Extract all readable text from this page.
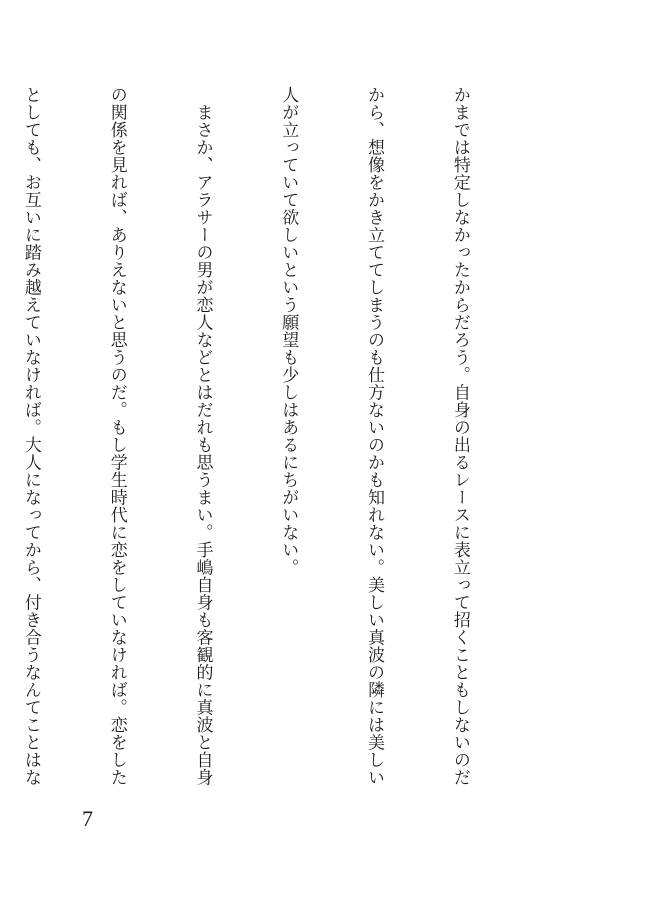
かまでは特定しなかったからだろう。自身の出るレースに表立って招くこともしないのだ

から、想像をかき立ててしまうのも仕方ないのかも知れない。美しい真波の隣には美しい

人が立っていて欲しいという願望も少しはあるにちがいない。

　まさか、アラサーの男が恋人などとはだれも思うまい。手嶋自身も客観的に真波と自身

の関係を見れば、ありえないと思うのだ。もし学生時代に恋をしていなければ。恋をした

としても、お互いに踏み越えていなければ。大人になってから、付き合うなんてことはな

7
